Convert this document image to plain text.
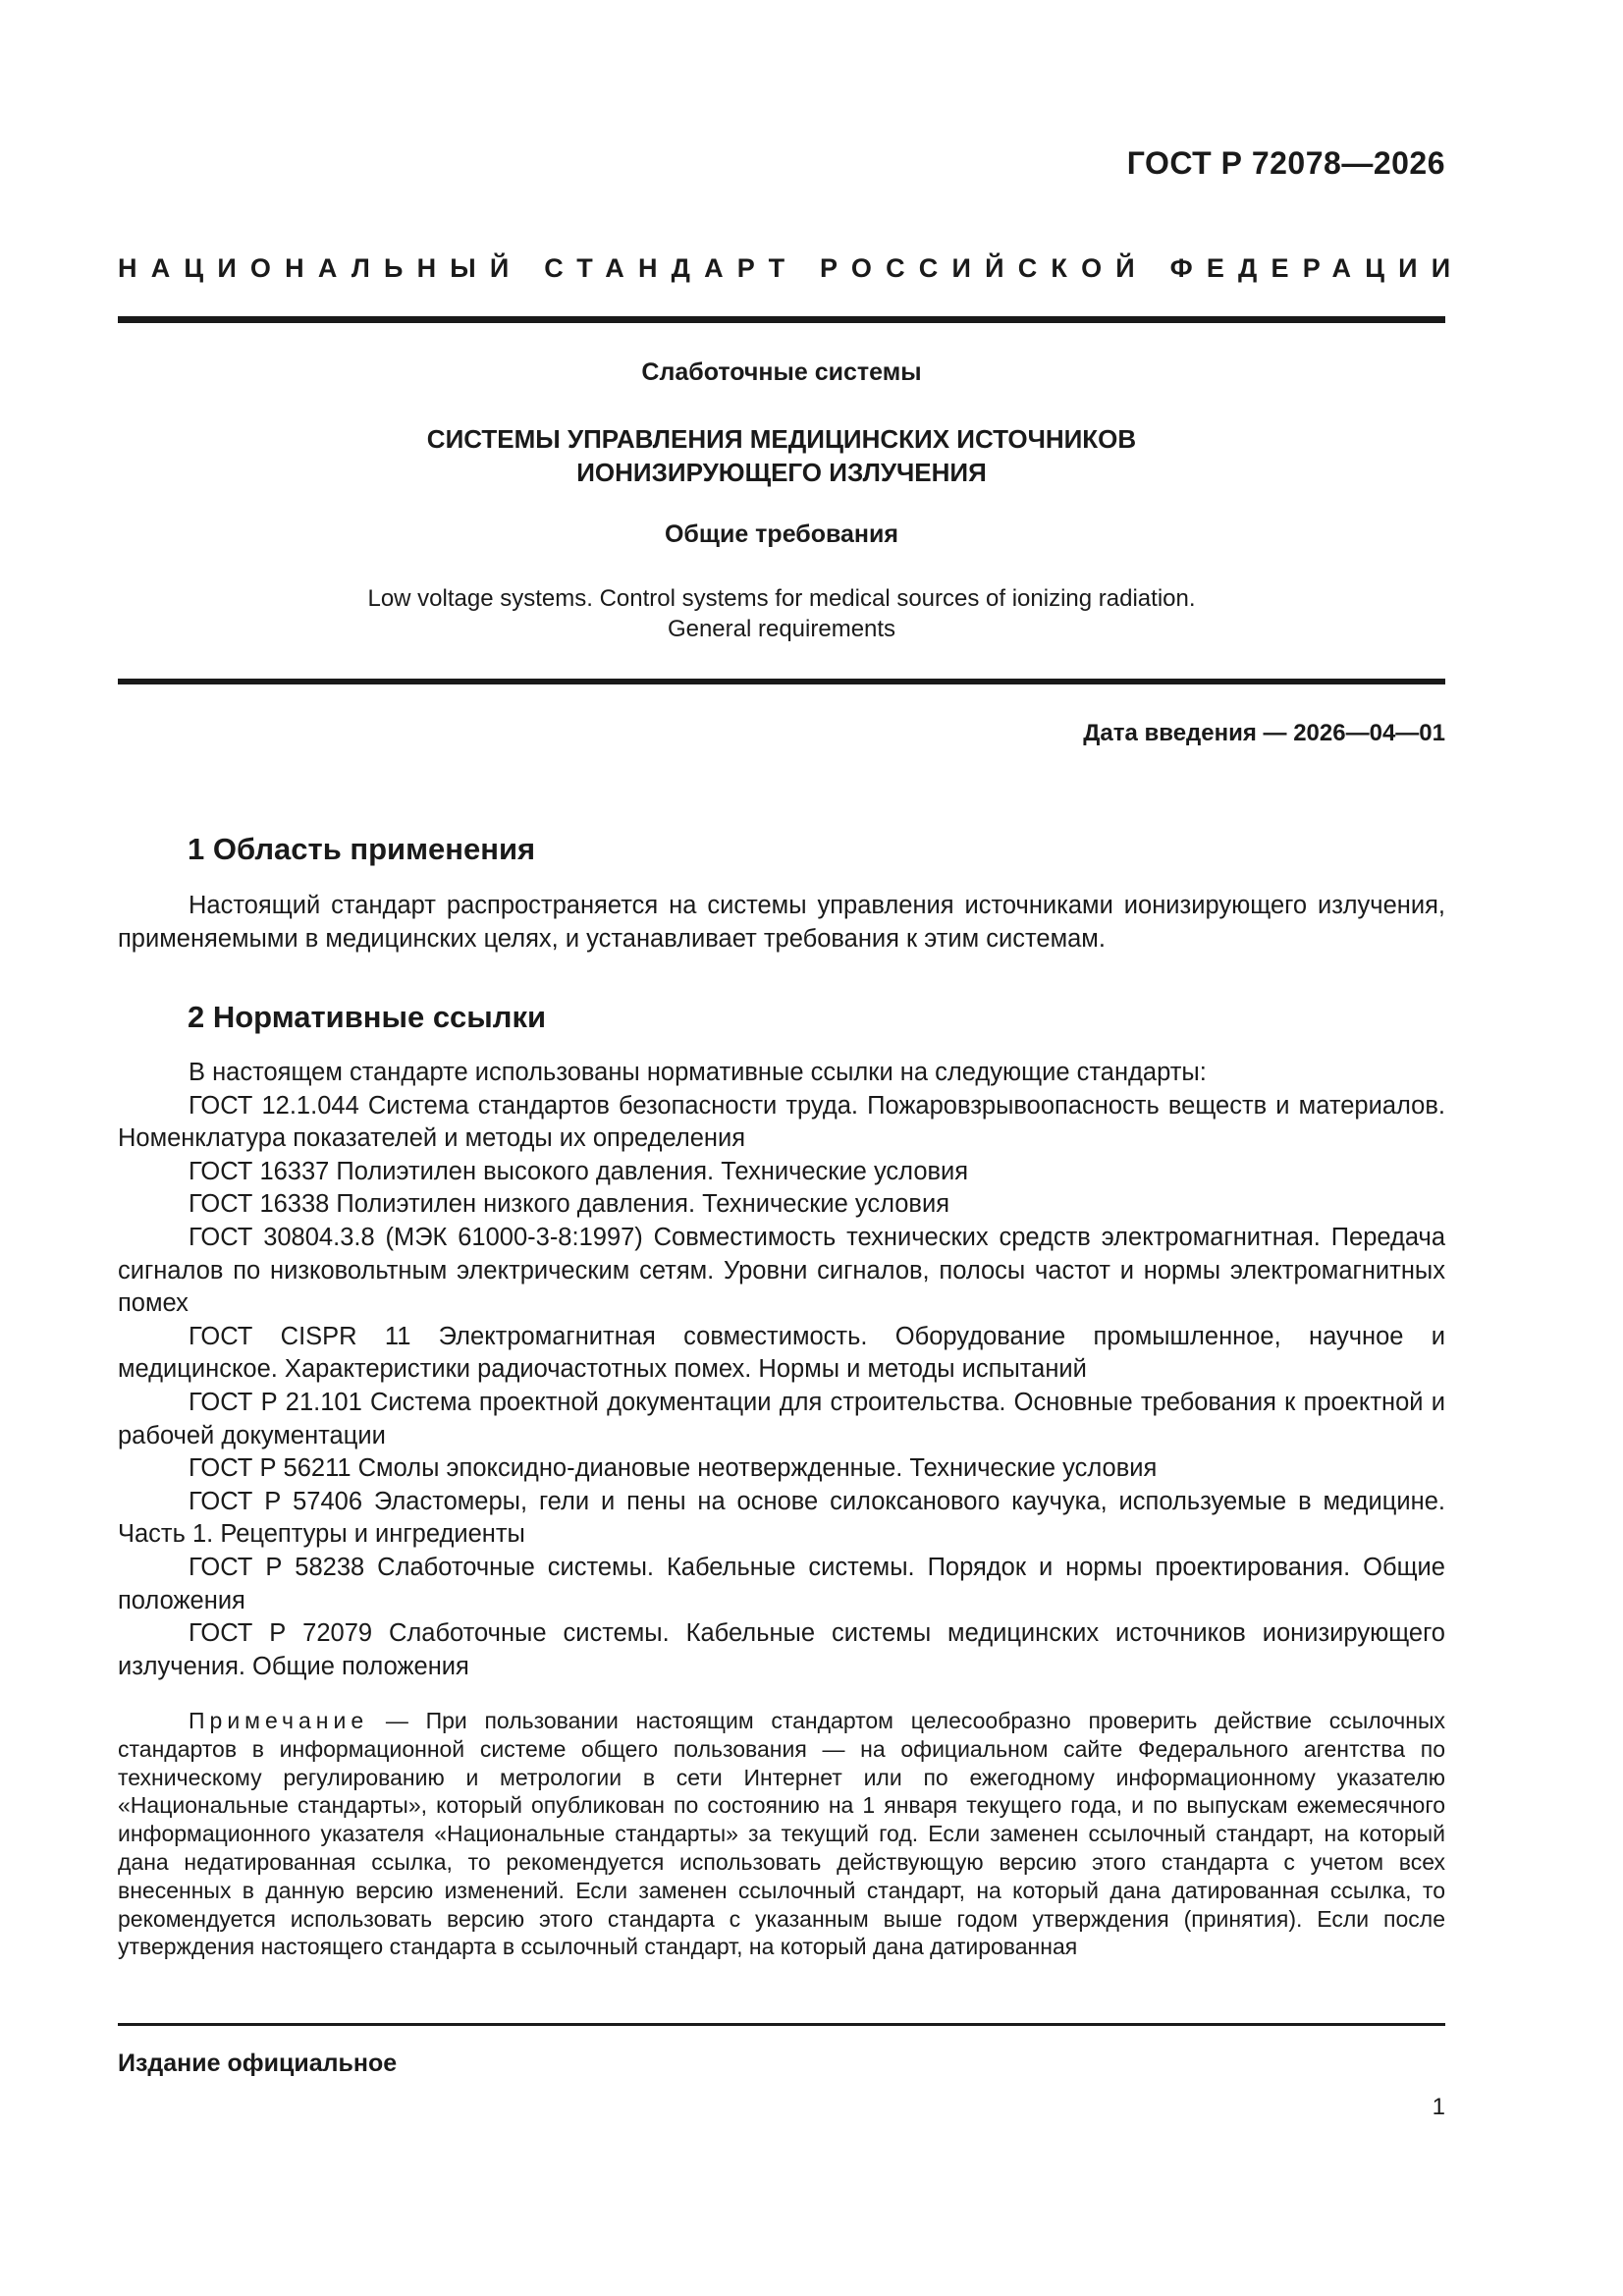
ГОСТ Р 72078—2026
НАЦИОНАЛЬНЫЙ СТАНДАРТ РОССИЙСКОЙ ФЕДЕРАЦИИ
Слаботочные системы
СИСТЕМЫ УПРАВЛЕНИЯ МЕДИЦИНСКИХ ИСТОЧНИКОВ ИОНИЗИРУЮЩЕГО ИЗЛУЧЕНИЯ
Общие требования
Low voltage systems. Control systems for medical sources of ionizing radiation. General requirements
Дата введения — 2026—04—01
1 Область применения

Настоящий стандарт распространяется на системы управления источниками ионизирующего излучения, применяемыми в медицинских целях, и устанавливает требования к этим системам.

2 Нормативные ссылки

В настоящем стандарте использованы нормативные ссылки на следующие стандарты:

ГОСТ 12.1.044 Система стандартов безопасности труда. Пожаровзрывоопасность веществ и материалов. Номенклатура показателей и методы их определения

ГОСТ 16337 Полиэтилен высокого давления. Технические условия

ГОСТ 16338 Полиэтилен низкого давления. Технические условия

ГОСТ 30804.3.8 (МЭК 61000-3-8:1997) Совместимость технических средств электромагнитная. Передача сигналов по низковольтным электрическим сетям. Уровни сигналов, полосы частот и нормы электромагнитных помех

ГОСТ CISPR 11 Электромагнитная совместимость. Оборудование промышленное, научное и медицинское. Характеристики радиочастотных помех. Нормы и методы испытаний

ГОСТ Р 21.101 Система проектной документации для строительства. Основные требования к проектной и рабочей документации

ГОСТ Р 56211 Смолы эпоксидно-диановые неотвержденные. Технические условия

ГОСТ Р 57406 Эластомеры, гели и пены на основе силоксанового каучука, используемые в медицине. Часть 1. Рецептуры и ингредиенты

ГОСТ Р 58238 Слаботочные системы. Кабельные системы. Порядок и нормы проектирования. Общие положения

ГОСТ Р 72079 Слаботочные системы. Кабельные системы медицинских источников ионизирующего излучения. Общие положения

Примечание — При пользовании настоящим стандартом целесообразно проверить действие ссылочных стандартов в информационной системе общего пользования — на официальном сайте Федерального агентства по техническому регулированию и метрологии в сети Интернет или по ежегодному информационному указателю «Национальные стандарты», который опубликован по состоянию на 1 января текущего года, и по выпускам ежемесячного информационного указателя «Национальные стандарты» за текущий год. Если заменен ссылочный стандарт, на который дана недатированная ссылка, то рекомендуется использовать действующую версию этого стандарта с учетом всех внесенных в данную версию изменений. Если заменен ссылочный стандарт, на который дана датированная ссылка, то рекомендуется использовать версию этого стандарта с указанным выше годом утверждения (принятия). Если после утверждения настоящего стандарта в ссылочный стандарт, на который дана датированная

Издание официальное
1
